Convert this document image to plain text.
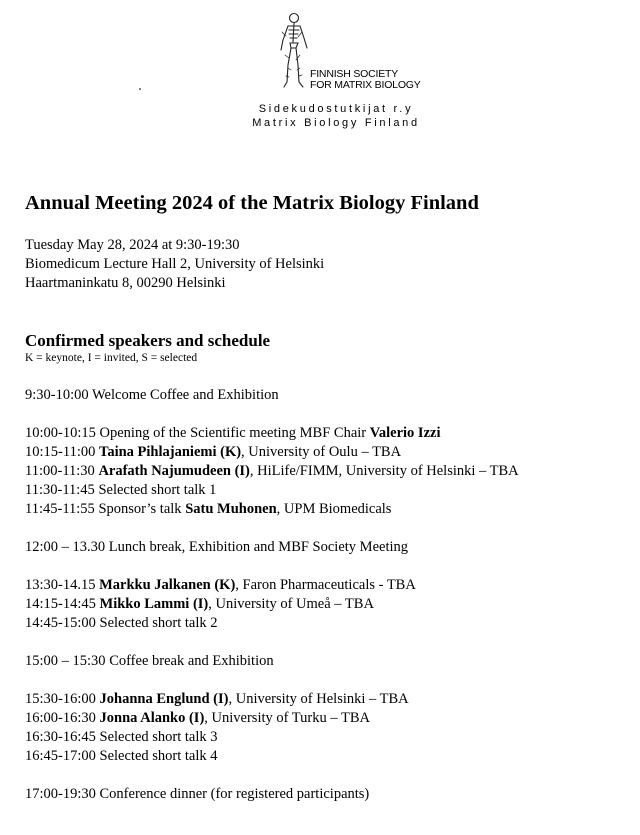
FINNISH SOCIETY
FOR MATRIX BIOLOGY
Sidekudostutkijat r.y
Matrix Biology Finland
Annual Meeting 2024 of the Matrix Biology Finland
Tuesday May 28, 2024 at 9:30-19:30
Biomedicum Lecture Hall 2, University of Helsinki
Haartmaninkatu 8, 00290 Helsinki
Confirmed speakers and schedule
K = keynote, I = invited, S = selected
9:30-10:00 Welcome Coffee and Exhibition
10:00-10:15 Opening of the Scientific meeting MBF Chair Valerio Izzi
10:15-11:00 Taina Pihlajaniemi (K), University of Oulu – TBA
11:00-11:30 Arafath Najumudeen (I), HiLife/FIMM, University of Helsinki – TBA
11:30-11:45 Selected short talk 1
11:45-11:55 Sponsor’s talk Satu Muhonen, UPM Biomedicals
12:00 – 13.30 Lunch break, Exhibition and MBF Society Meeting
13:30-14.15 Markku Jalkanen (K), Faron Pharmaceuticals - TBA
14:15-14:45 Mikko Lammi (I), University of Umeå – TBA
14:45-15:00 Selected short talk 2
15:00 – 15:30 Coffee break and Exhibition
15:30-16:00 Johanna Englund (I), University of Helsinki – TBA
16:00-16:30 Jonna Alanko (I), University of Turku – TBA
16:30-16:45 Selected short talk 3
16:45-17:00 Selected short talk 4
17:00-19:30 Conference dinner (for registered participants)
